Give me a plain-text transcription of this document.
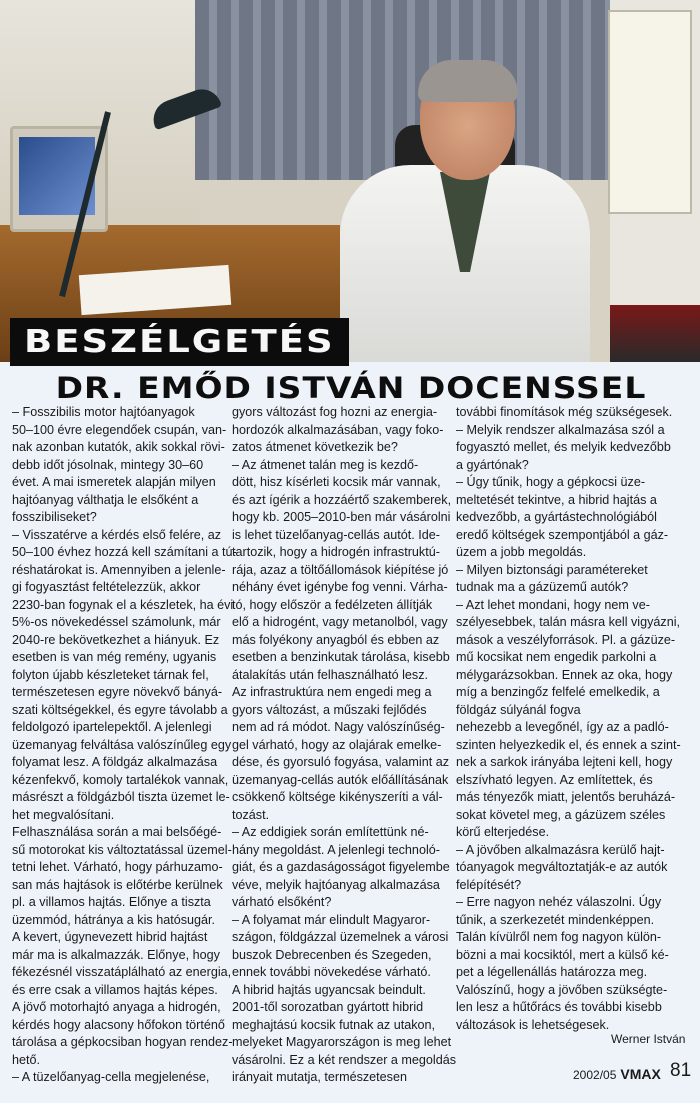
BESZÉLGETÉS
DR. EMŐD ISTVÁN DOCENSSEL
– Fosszibilis motor hajtóanyagok
50–100 évre elegendőek csupán, van-
nak azonban kutatók, akik sokkal rövi-
debb időt jósolnak, mintegy 30–60
évet. A mai ismeretek alapján milyen
hajtóanyag válthatja le elsőként a
fosszibiliseket?
– Visszatérve a kérdés első felére, az
50–100 évhez hozzá kell számítani a tú-
réshatárokat is. Amennyiben a jelenle-
gi fogyasztást feltételezzük, akkor
2230-ban fogynak el a készletek, ha évi
5%-os növekedéssel számolunk, már
2040-re bekövetkezhet a hiányuk. Ez
esetben is van még remény, ugyanis
folyton újabb készleteket tárnak fel,
természetesen egyre növekvő bányá-
szati költségekkel, és egyre távolabb a
feldolgozó ipartelepektől. A jelenlegi
üzemanyag felváltása valószínűleg egy
folyamat lesz. A földgáz alkalmazása
kézenfekvő, komoly tartalékok vannak,
másrészt a földgázból tiszta üzemet le-
het megvalósítani.
Felhasználása során a mai belsőégé-
sű motorokat kis változtatással üzemel-
tetni lehet. Várható, hogy párhuzamo-
san más hajtások is előtérbe kerülnek
pl. a villamos hajtás. Előnye a tiszta
üzemmód, hátránya a kis hatósugár.
A kevert, úgynevezett hibrid hajtást
már ma is alkalmazzák. Előnye, hogy
fékezésnél visszatáplálható az energia,
és erre csak a villamos hajtás képes.
A jövő motorhajtó anyaga a hidrogén,
kérdés hogy alacsony hőfokon történő
tárolása a gépkocsiban hogyan rendez-
hető.
– A tüzelőanyag-cella megjelenése,
gyors változást fog hozni az energia-
hordozók alkalmazásában, vagy foko-
zatos átmenet következik be?
– Az átmenet talán meg is kezdő-
dött, hisz kísérleti kocsik már vannak,
és azt ígérik a hozzáértő szakemberek,
hogy kb. 2005–2010-ben már vásárolni
is lehet tüzelőanyag-cellás autót. Ide-
tartozik, hogy a hidrogén infrastruktú-
rája, azaz a töltőállomások kiépítése jó
néhány évet igénybe fog venni. Várha-
tó, hogy először a fedélzeten állítják
elő a hidrogént, vagy metanolból, vagy
más folyékony anyagból és ebben az
esetben a benzinkutak tárolása, kisebb
átalakítás után felhasználható lesz.
Az infrastruktúra nem engedi meg a
gyors változást, a műszaki fejlődés
nem ad rá módot. Nagy valószínűség-
gel várható, hogy az olajárak emelke-
dése, és gyorsuló fogyása, valamint az
üzemanyag-cellás autók előállításának
csökkenő költsége kikényszeríti a vál-
tozást.
– Az eddigiek során említettünk né-
hány megoldást. A jelenlegi technoló-
giát, és a gazdaságosságot figyelembe
véve, melyik hajtóanyag alkalmazása
várható elsőként?
– A folyamat már elindult Magyaror-
szágon, földgázzal üzemelnek a városi
buszok Debrecenben és Szegeden,
ennek további növekedése várható.
A hibrid hajtás ugyancsak beindult.
2001-től sorozatban gyártott hibrid
meghajtású kocsik futnak az utakon,
melyeket Magyarországon is meg lehet
vásárolni. Ez a két rendszer a megoldás
irányait mutatja, természetesen
további finomítások még szükségesek.
– Melyik rendszer alkalmazása szól a
fogyasztó mellet, és melyik kedvezőbb
a gyártónak?
– Úgy tűnik, hogy a gépkocsi üze-
meltetését tekintve, a hibrid hajtás a
kedvezőbb, a gyártástechnológiából
eredő költségek szempontjából a gáz-
üzem a jobb megoldás.
– Milyen biztonsági paramétereket
tudnak ma a gázüzemű autók?
– Azt lehet mondani, hogy nem ve-
szélyesebbek, talán másra kell vigyázni,
mások a veszélyforrások. Pl. a gázüze-
mű kocsikat nem engedik parkolni a
mélygarázsokban. Ennek az oka, hogy
míg a benzingőz felfelé emelkedik, a
földgáz súlyánál fogva
nehezebb a levegőnél, így az a padló-
szinten helyezkedik el, és ennek a szint-
nek a sarkok irányába lejteni kell, hogy
elszívható legyen. Az említettek, és
más tényezők miatt, jelentős beruházá-
sokat követel meg, a gázüzem széles
körű elterjedése.
– A jövőben alkalmazásra kerülő hajt-
tóanyagok megváltoztatják-e az autók
felépítését?
– Erre nagyon nehéz válaszolni. Úgy
tűnik, a szerkezetét mindenképpen.
Talán kívülről nem fog nagyon külön-
bözni a mai kocsiktól, mert a külső ké-
pet a légellenállás határozza meg.
Valószínű, hogy a jövőben szükségte-
len lesz a hűtőrács és további kisebb
változások is lehetségesek.
Werner István
2002/05 VMAX 81
